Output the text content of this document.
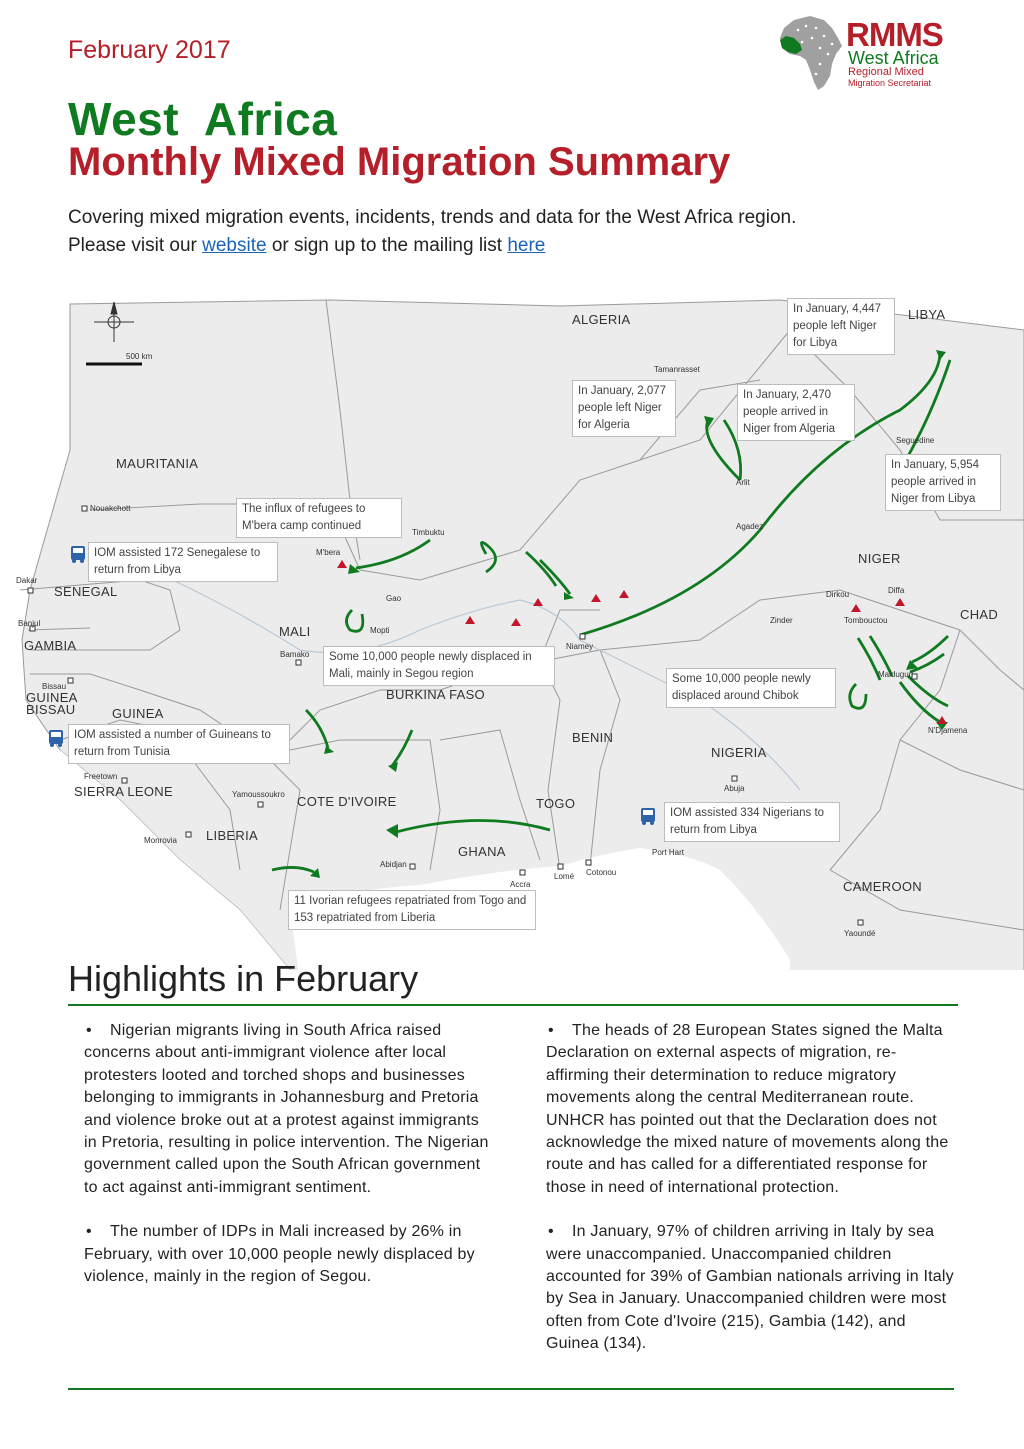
February 2017
West  Africa
Monthly Mixed Migration Summary
Covering mixed migration events, incidents, trends and data for the West Africa region.
Please visit our website or sign up to the mailing list here
RMMS
West Africa
Regional Mixed
Migration Secretariat
500 km
ALGERIA	LIBYA
MAURITANIA
SENEGAL
GAMBIA
GUINEA
BISSAU	GUINEA
SIERRA LEONE
LIBERIA
MALI
BURKINA FASO
COTE D'IVOIRE
GHANA
TOGO
BENIN
NIGER
NIGERIA
CHAD
CAMEROON
Nouakchott
Dakar
Banjul
Bissau
Freetown
Monrovia
Bamako
Yamoussoukro
Abidjan
Accra
Lomé Cotonou
Niamey
Abuja
Port Hart
Yaoundé
Timbuktu
Mopti
Gao
Agadez
Tamanrasset
Arlit
Maiduguri
Diffa
Dirkou
Seguedine
N'Djamena
Zinder	Tombouctou
M'bera
In January, 4,447 people left Niger for Libya
In January, 2,077 people left Niger for Algeria
In January, 2,470 people arrived in Niger from Algeria
In January, 5,954 people arrived in Niger from Libya
The influx of refugees to M'bera camp continued
IOM assisted 172 Senegalese to return from Libya
Some 10,000 people newly displaced in Mali, mainly in Segou region	Some 10,000 people newly displaced around Chibok
IOM assisted a number of Guineans to return from Tunisia
IOM assisted 334 Nigerians to return from Libya
11 Ivorian refugees repatriated from Togo and 153 repatriated from Liberia
Highlights in February

• Nigerian migrants living in South Africa raised concerns about anti-immigrant violence after local protesters looted and torched shops and businesses belonging to immigrants in Johannesburg and Pretoria and violence broke out at a protest against immigrants in Pretoria, resulting in police intervention. The Nigerian government called upon the South African government to act against anti-immigrant sentiment.

• The number of IDPs in Mali increased by 26% in February, with over 10,000 people newly displaced by violence, mainly in the region of Segou.

• The heads of 28 European States signed the Malta Declaration on external aspects of migration, re-affirming their determination to reduce migratory movements along the central Mediterranean route. UNHCR has pointed out that the Declaration does not acknowledge the mixed nature of movements along the route and has called for a differentiated response for those in need of international protection.

• In January, 97% of children arriving in Italy by sea were unaccompanied. Unaccompanied children accounted for 39% of Gambian nationals arriving in Italy by Sea in January. Unaccompanied children were most often from Cote d'Ivoire (215), Gambia (142), and Guinea (134).
